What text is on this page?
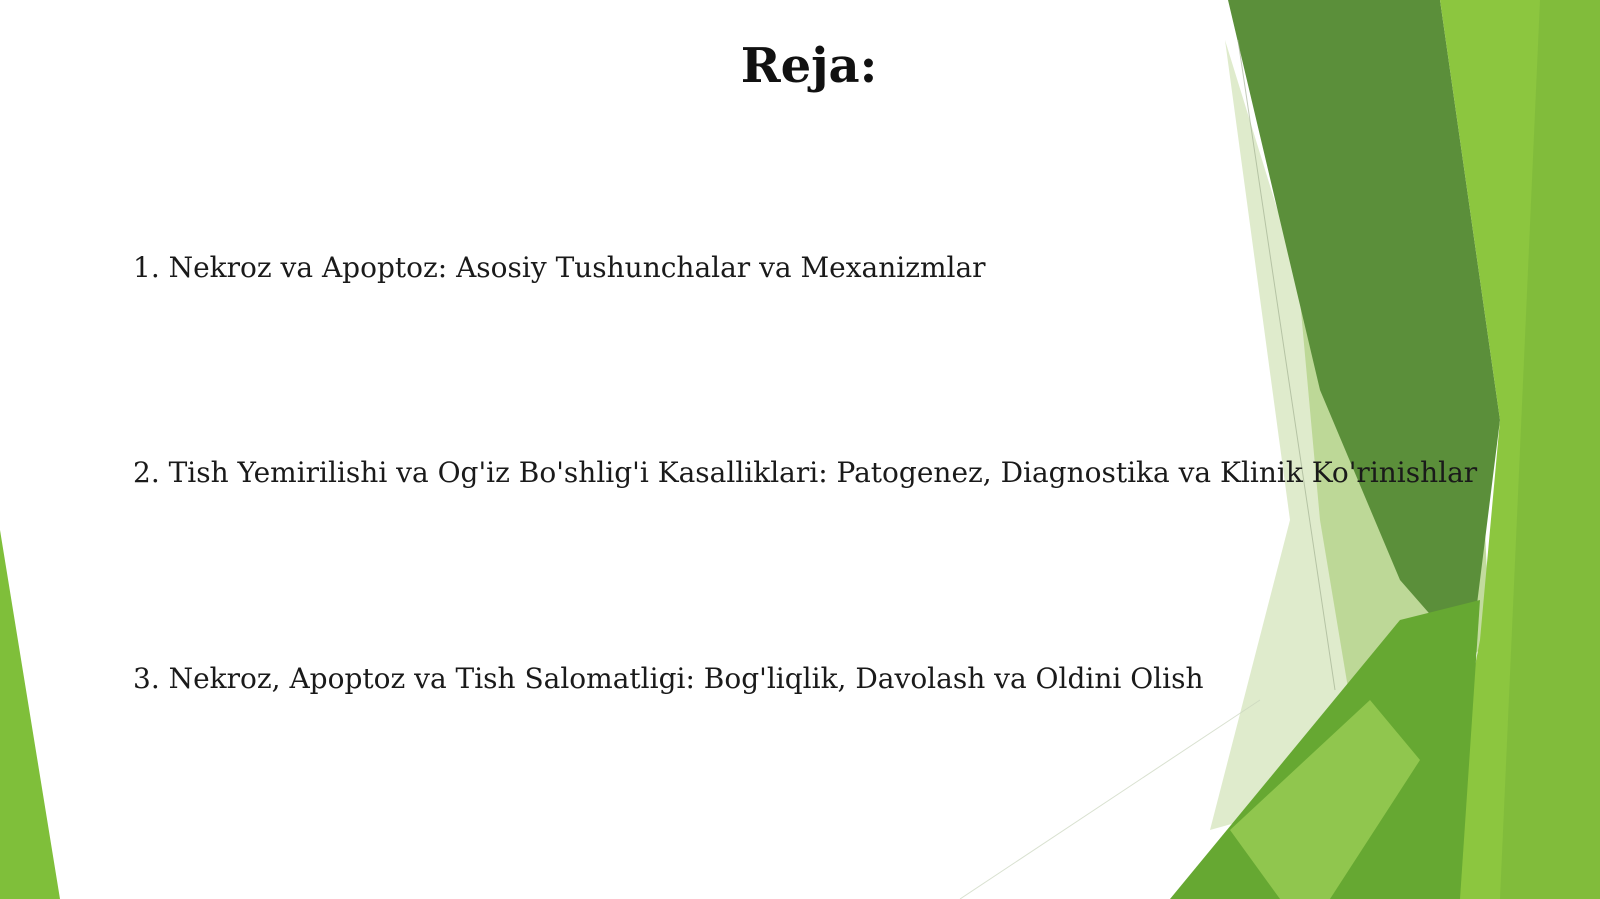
Reja:
1. Nekroz va Apoptoz: Asosiy Tushunchalar va Mexanizmlar
2. Tish Yemirilishi va Og'iz Bo'shlig'i Kasalliklari: Patogenez, Diagnostika va Klinik Ko'rinishlar
3. Nekroz, Apoptoz va Tish Salomatligi: Bog'liqlik, Davolash va Oldini Olish
